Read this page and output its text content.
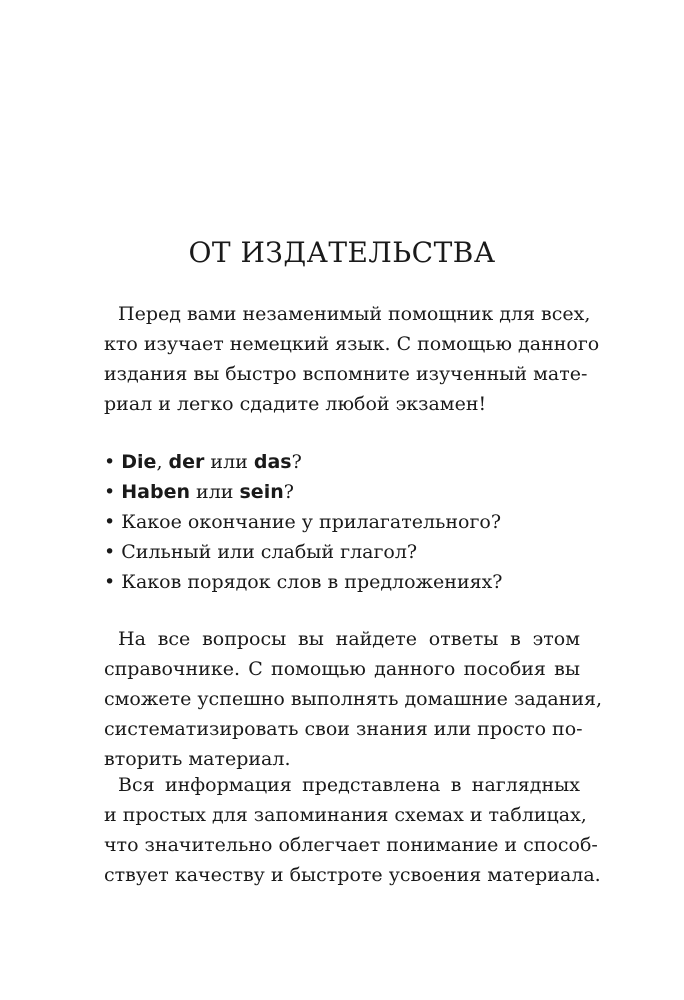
ОТ ИЗДАТЕЛЬСТВА
Перед вами незаменимый помощник для всех,
кто изучает немецкий язык. С помощью данного
издания вы быстро вспомните изученный мате-
риал и легко сдадите любой экзамен!
• Die, der или das?
• Haben или sein?
• Какое окончание у прилагательного?
• Сильный или слабый глагол?
• Каков порядок слов в предложениях?
На все вопросы вы найдете ответы в этом
справочнике. С помощью данного пособия вы
сможете успешно выполнять домашние задания,
систематизировать свои знания или просто по-
вторить материал.
Вся информация представлена в наглядных
и простых для запоминания схемах и таблицах,
что значительно облегчает понимание и способ-
ствует качеству и быстроте усвоения материала.
